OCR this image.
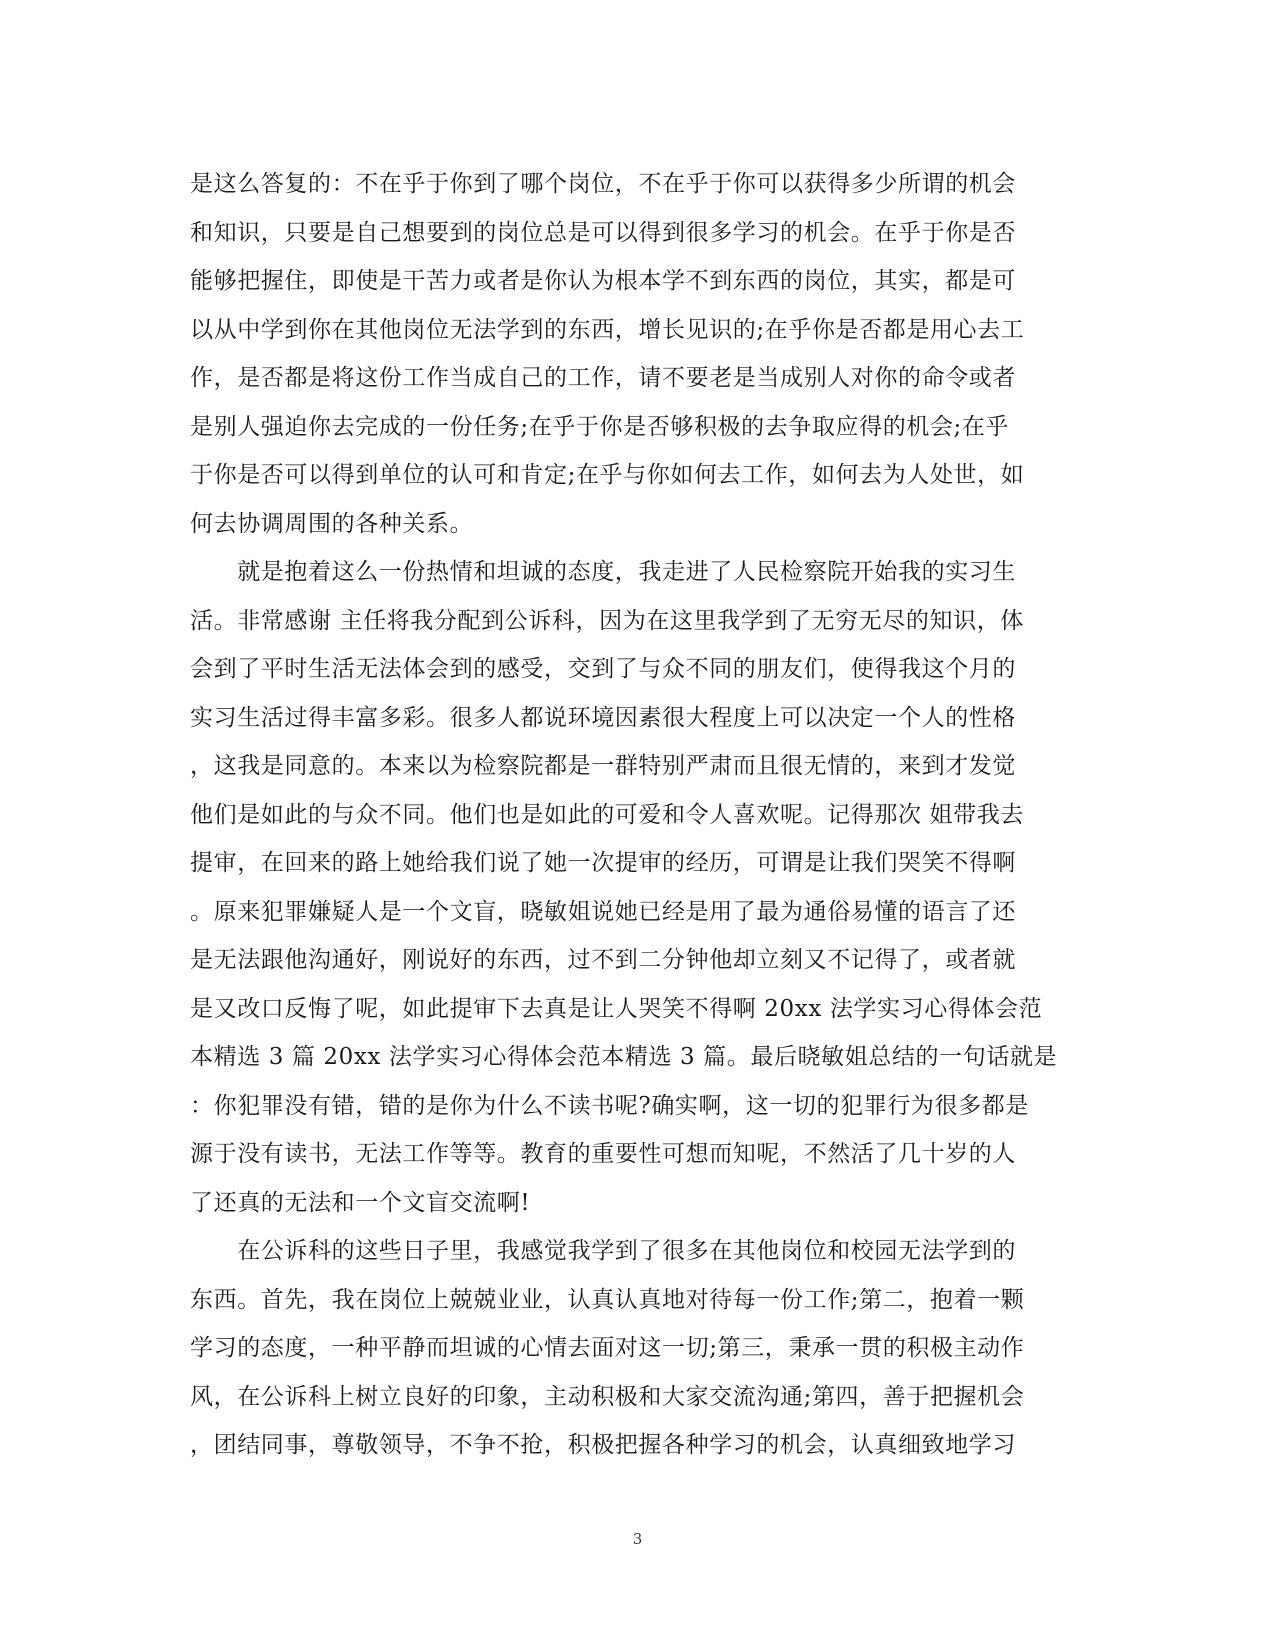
是这么答复的：不在乎于你到了哪个岗位，不在乎于你可以获得多少所谓的机会
和知识，只要是自己想要到的岗位总是可以得到很多学习的机会。在乎于你是否
能够把握住，即使是干苦力或者是你认为根本学不到东西的岗位，其实，都是可
以从中学到你在其他岗位无法学到的东西，增长见识的;在乎你是否都是用心去工
作，是否都是将这份工作当成自己的工作，请不要老是当成别人对你的命令或者
是别人强迫你去完成的一份任务;在乎于你是否够积极的去争取应得的机会;在乎
于你是否可以得到单位的认可和肯定;在乎与你如何去工作，如何去为人处世，如
何去协调周围的各种关系。
　　就是抱着这么一份热情和坦诚的态度，我走进了人民检察院开始我的实习生
活。非常感谢 主任将我分配到公诉科，因为在这里我学到了无穷无尽的知识，体
会到了平时生活无法体会到的感受，交到了与众不同的朋友们，使得我这个月的
实习生活过得丰富多彩。很多人都说环境因素很大程度上可以决定一个人的性格
，这我是同意的。本来以为检察院都是一群特别严肃而且很无情的，来到才发觉
他们是如此的与众不同。他们也是如此的可爱和令人喜欢呢。记得那次 姐带我去
提审，在回来的路上她给我们说了她一次提审的经历，可谓是让我们哭笑不得啊
。原来犯罪嫌疑人是一个文盲，晓敏姐说她已经是用了最为通俗易懂的语言了还
是无法跟他沟通好，刚说好的东西，过不到二分钟他却立刻又不记得了，或者就
是又改口反悔了呢，如此提审下去真是让人哭笑不得啊 20xx 法学实习心得体会范
本精选 3 篇 20xx 法学实习心得体会范本精选 3 篇。最后晓敏姐总结的一句话就是
：你犯罪没有错，错的是你为什么不读书呢?确实啊，这一切的犯罪行为很多都是
源于没有读书，无法工作等等。教育的重要性可想而知呢，不然活了几十岁的人
了还真的无法和一个文盲交流啊!
　　在公诉科的这些日子里，我感觉我学到了很多在其他岗位和校园无法学到的
东西。首先，我在岗位上兢兢业业，认真认真地对待每一份工作;第二，抱着一颗
学习的态度，一种平静而坦诚的心情去面对这一切;第三，秉承一贯的积极主动作
风，在公诉科上树立良好的印象，主动积极和大家交流沟通;第四，善于把握机会
，团结同事，尊敬领导，不争不抢，积极把握各种学习的机会，认真细致地学习
3
